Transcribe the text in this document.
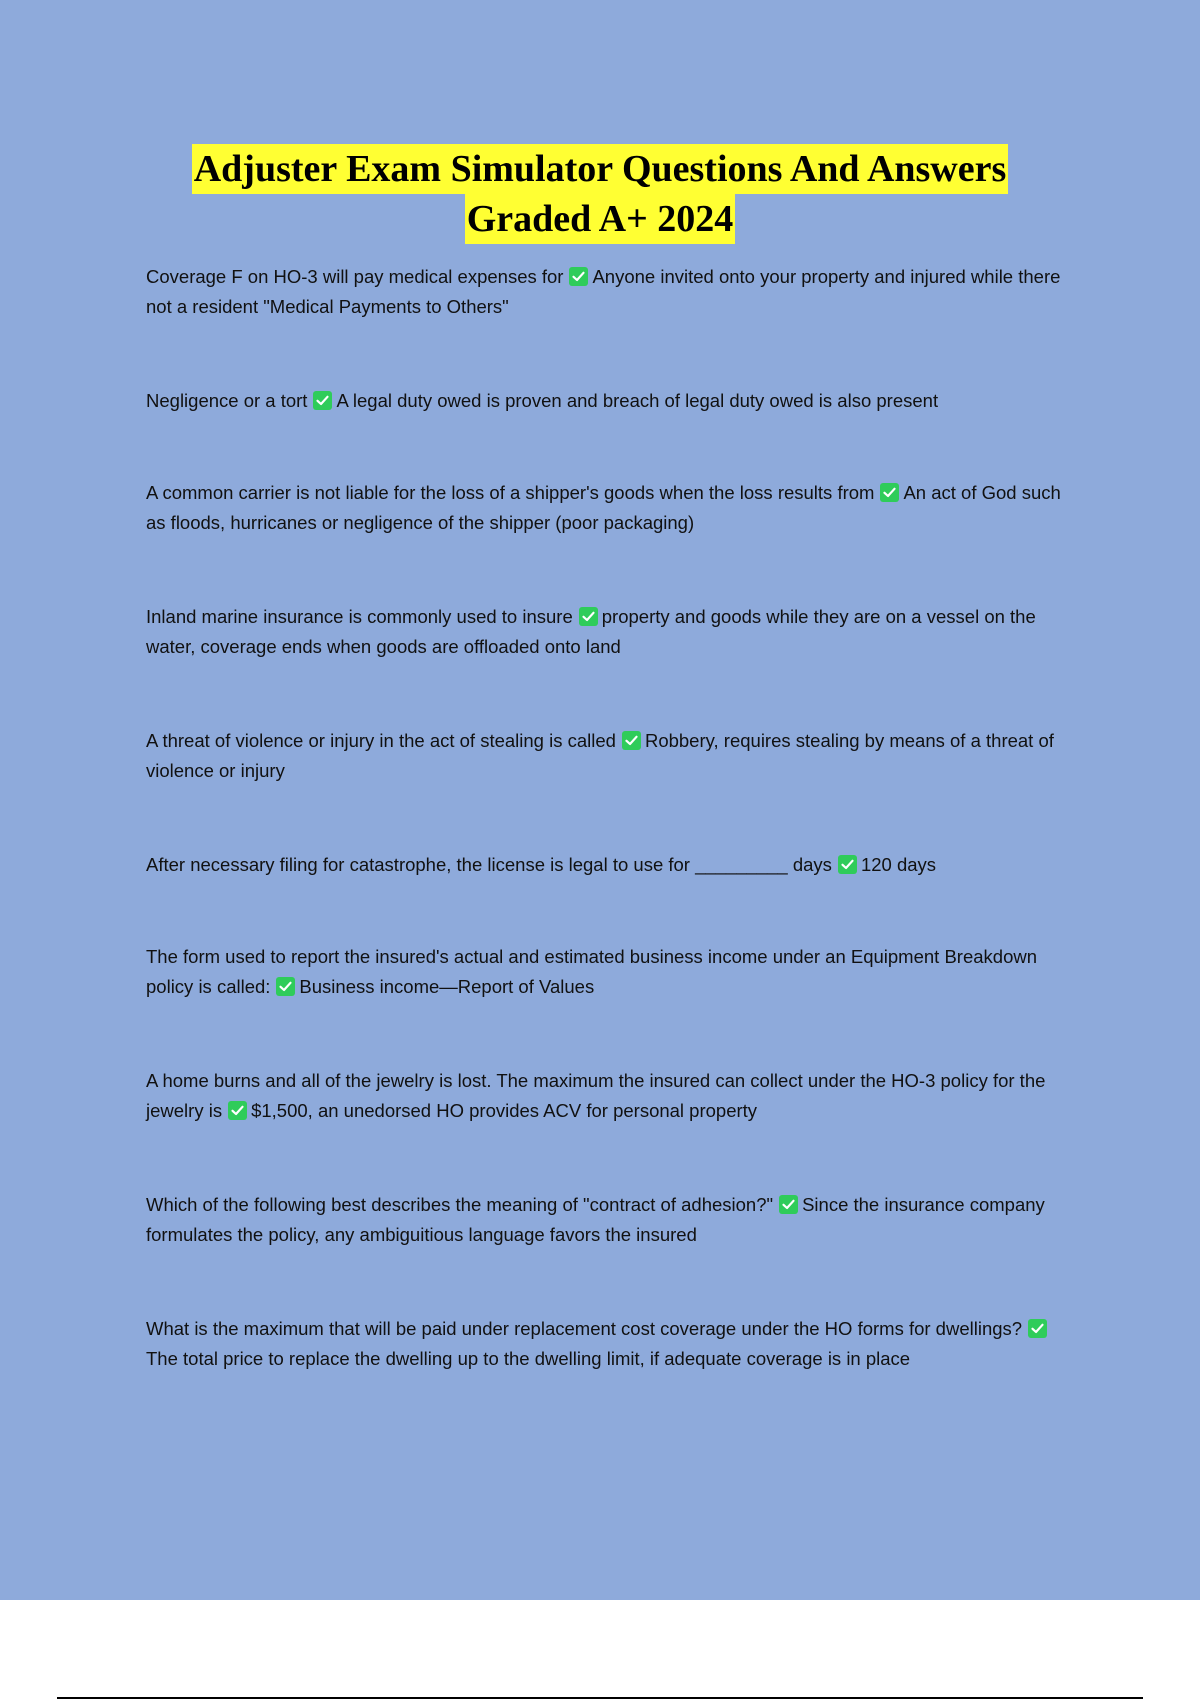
Adjuster Exam Simulator Questions And Answers
Graded A+ 2024

Coverage F on HO-3 will pay medical expenses for Anyone invited onto your property and injured while there not a resident "Medical Payments to Others"

Negligence or a tort A legal duty owed is proven and breach of legal duty owed is also present

A common carrier is not liable for the loss of a shipper's goods when the loss results from An act of God such as floods, hurricanes or negligence of the shipper (poor packaging)

Inland marine insurance is commonly used to insure property and goods while they are on a vessel on the water, coverage ends when goods are offloaded onto land

A threat of violence or injury in the act of stealing is called Robbery, requires stealing by means of a threat of violence or injury

After necessary filing for catastrophe, the license is legal to use for _________ days 120 days

The form used to report the insured's actual and estimated business income under an Equipment Breakdown policy is called: Business income—Report of Values

A home burns and all of the jewelry is lost. The maximum the insured can collect under the HO-3 policy for the jewelry is $1,500, an unedorsed HO provides ACV for personal property

Which of the following best describes the meaning of "contract of adhesion?" Since the insurance company formulates the policy, any ambiguitious language favors the insured

What is the maximum that will be paid under replacement cost coverage under the HO forms for dwellings?
The total price to replace the dwelling up to the dwelling limit, if adequate coverage is in place
